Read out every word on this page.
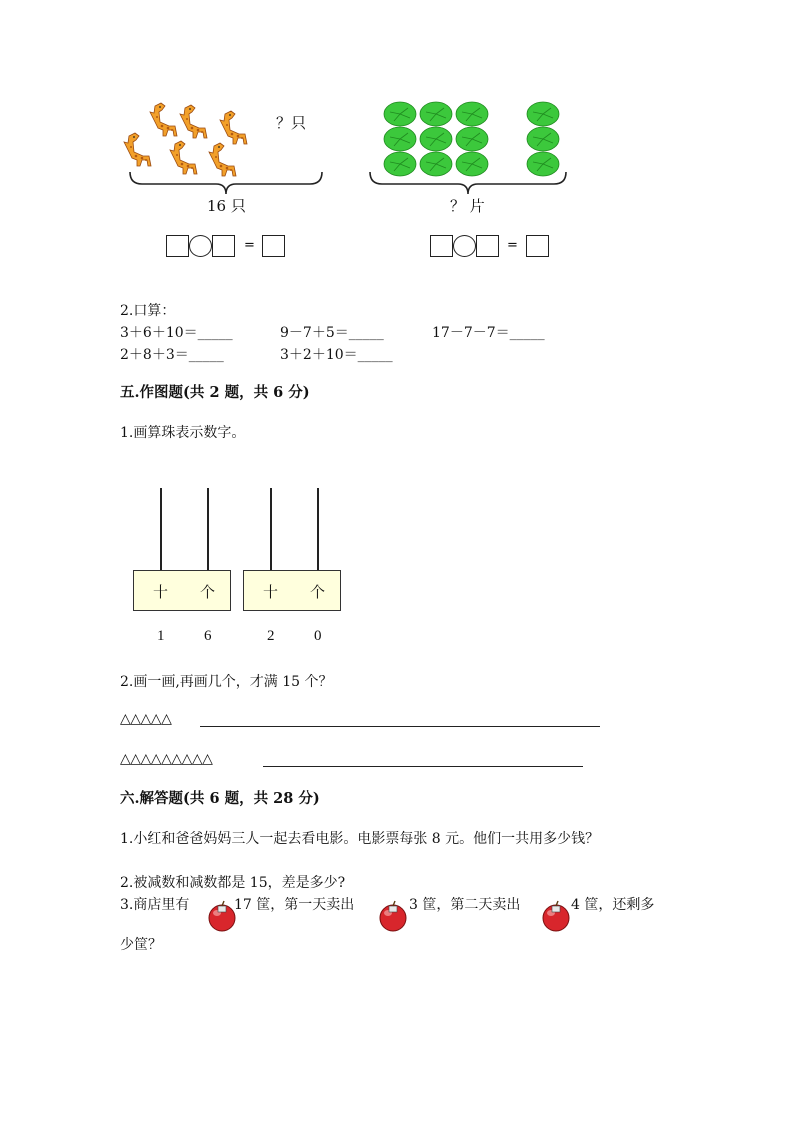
？只
16 只
=
？ 片
=
2.口算：
3＋6＋10＝_____	9－7＋5＝_____	17－7－7＝_____
2＋8＋3＝_____	3＋2＋10＝_____
五.作图题(共 2 题，共 6 分)
1.画算珠表示数字。
十 个
1	6
十 个
2	0
2.画一画,再画几个，才满 15 个？
△△△△△
△△△△△△△△△
六.解答题(共 6 题，共 28 分)
1.小红和爸爸妈妈三人一起去看电影。电影票每张 8 元。他们一共用多少钱？
2.被减数和减数都是 15，差是多少?
3.商店里有	17 筐，第一天卖出	3 筐，第二天卖出	4 筐，还剩多
少筐？
